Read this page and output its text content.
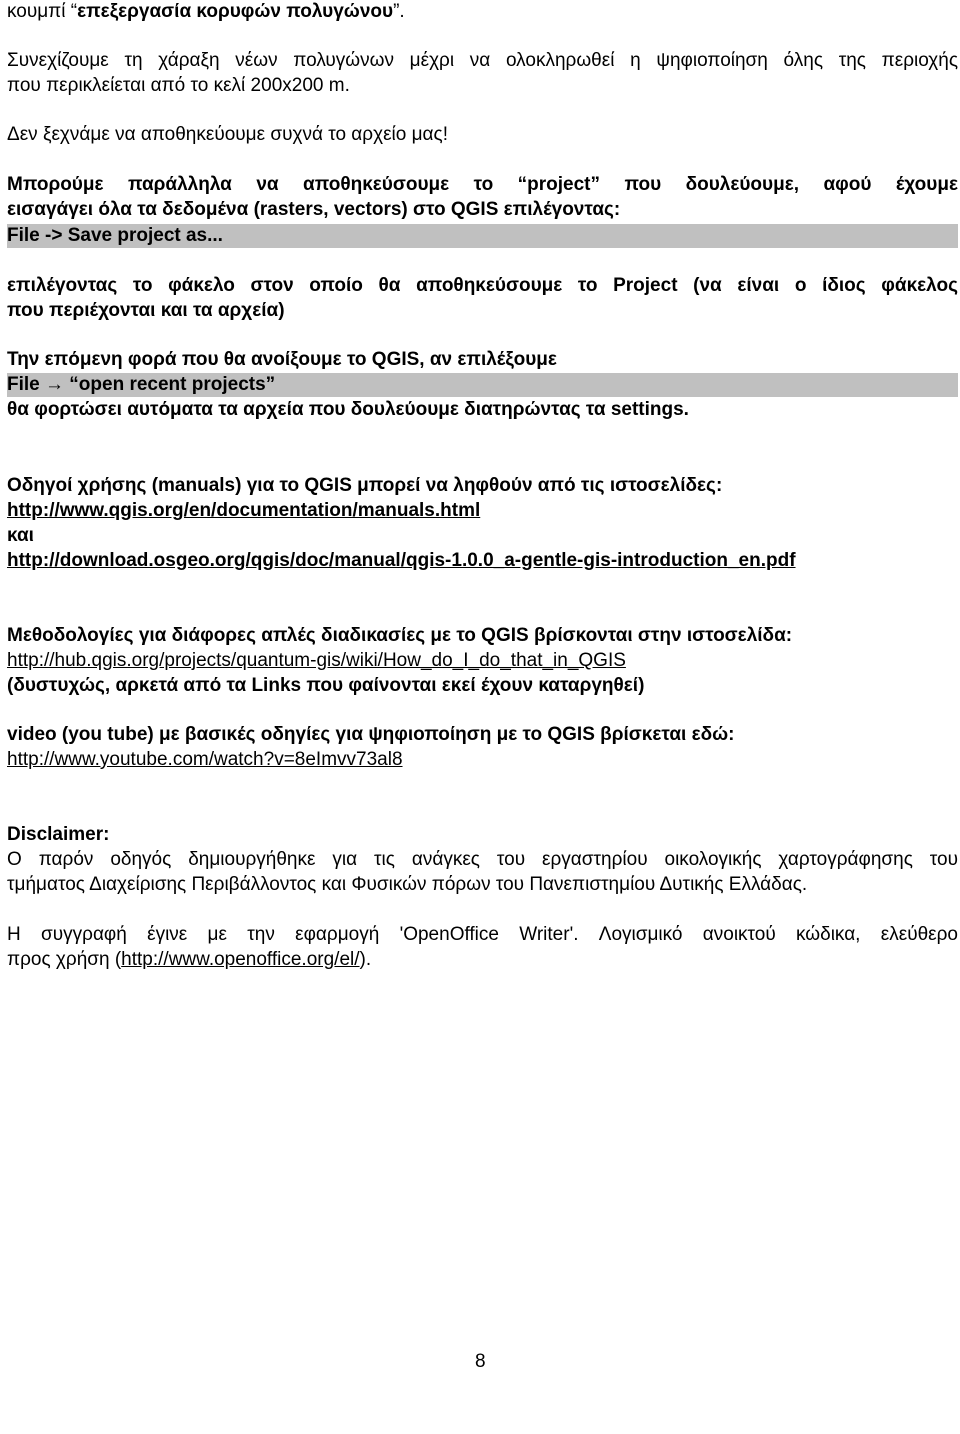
κουμπί “επεξεργασία κορυφών πολυγώνου”.
Συνεχίζουμε τη χάραξη νέων πολυγώνων μέχρι να ολοκληρωθεί η ψηφιοποίηση όλης της περιοχής
που περικλείεται από το κελί 200x200 m.
Δεν ξεχνάμε να αποθηκεύουμε συχνά το αρχείο μας!
Μπορούμε παράλληλα να αποθηκεύσουμε το “project” που δουλεύουμε, αφού έχουμε
εισαγάγει όλα τα δεδομένα (rasters, vectors) στο QGIS επιλέγοντας:
File -> Save project as...
επιλέγοντας το φάκελο στον οποίο θα αποθηκεύσουμε το Project (να είναι ο ίδιος φάκελος
που περιέχονται και τα αρχεία)
Την επόμενη φορά που θα ανοίξουμε το QGIS, αν επιλέξουμε
File → “open recent projects”
θα φορτώσει αυτόματα τα αρχεία που δουλεύουμε διατηρώντας τα settings.
Οδηγοί χρήσης (manuals) για το QGIS μπορεί να ληφθούν από τις ιστοσελίδες:
http://www.qgis.org/en/documentation/manuals.html
και
http://download.osgeo.org/qgis/doc/manual/qgis-1.0.0_a-gentle-gis-introduction_en.pdf
Μεθοδολογίες για διάφορες απλές διαδικασίες με το QGIS βρίσκονται στην ιστοσελίδα:
http://hub.qgis.org/projects/quantum-gis/wiki/How_do_I_do_that_in_QGIS
(δυστυχώς, αρκετά από τα Links που φαίνονται εκεί έχουν καταργηθεί)
video (you tube) με βασικές οδηγίες για ψηφιοποίηση με το QGIS βρίσκεται εδώ:
http://www.youtube.com/watch?v=8eImvv73al8
Disclaimer:
Ο παρόν οδηγός δημιουργήθηκε για τις ανάγκες του εργαστηρίου οικολογικής χαρτογράφησης του
τμήματος Διαχείρισης Περιβάλλοντος και Φυσικών πόρων του Πανεπιστημίου Δυτικής Ελλάδας.
Η συγγραφή έγινε με την εφαρμογή 'OpenOffice Writer'. Λογισμικό ανοικτού κώδικα, ελεύθερο
προς χρήση (http://www.openoffice.org/el/).
8
